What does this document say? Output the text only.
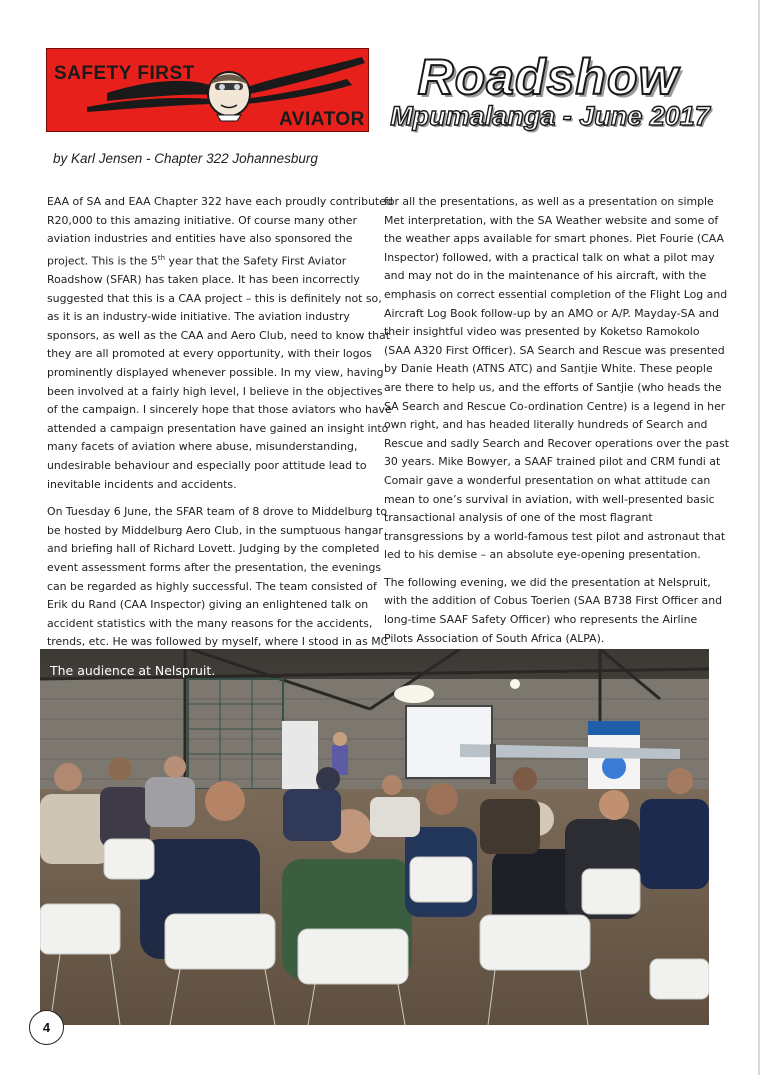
SAFETY FIRST
AVIATOR
Roadshow
Mpumalanga - June 2017
by Karl Jensen - Chapter 322 Johannesburg

EAA of SA and EAA Chapter 322 have each proudly contributed
R20,000 to this amazing initiative. Of course many other
aviation industries and entities have also sponsored the
project. This is the 5th year that the Safety First Aviator
Roadshow (SFAR) has taken place. It has been incorrectly
suggested that this is a CAA project – this is definitely not so,
as it is an industry-wide initiative. The aviation industry
sponsors, as well as the CAA and Aero Club, need to know that
they are all promoted at every opportunity, with their logos
prominently displayed whenever possible. In my view, having
been involved at a fairly high level, I believe in the objectives
of the campaign. I sincerely hope that those aviators who have
attended a campaign presentation have gained an insight into
many facets of aviation where abuse, misunderstanding,
undesirable behaviour and especially poor attitude lead to
inevitable incidents and accidents.

On Tuesday 6 June, the SFAR team of 8 drove to Middelburg to
be hosted by Middelburg Aero Club, in the sumptuous hangar
and briefing hall of Richard Lovett. Judging by the completed
event assessment forms after the presentation, the evenings
can be regarded as highly successful. The team consisted of
Erik du Rand (CAA Inspector) giving an enlightened talk on
accident statistics with the many reasons for the accidents,
trends, etc. He was followed by myself, where I stood in as MC

for all the presentations, as well as a presentation on simple
Met interpretation, with the SA Weather website and some of
the weather apps available for smart phones. Piet Fourie (CAA
Inspector) followed, with a practical talk on what a pilot may
and may not do in the maintenance of his aircraft, with the
emphasis on correct essential completion of the Flight Log and
Aircraft Log Book follow-up by an AMO or A/P. Mayday-SA and
their insightful video was presented by Koketso Ramokolo
(SAA A320 First Officer). SA Search and Rescue was presented
by Danie Heath (ATNS ATC) and Santjie White. These people
are there to help us, and the efforts of Santjie (who heads the
SA Search and Rescue Co-ordination Centre) is a legend in her
own right, and has headed literally hundreds of Search and
Rescue and sadly Search and Recover operations over the past
30 years. Mike Bowyer, a SAAF trained pilot and CRM fundi at
Comair gave a wonderful presentation on what attitude can
mean to one’s survival in aviation, with well-presented basic
transactional analysis of one of the most flagrant
transgressions by a world-famous test pilot and astronaut that
led to his demise – an absolute eye-opening presentation.

The following evening, we did the presentation at Nelspruit,
with the addition of Cobus Toerien (SAA B738 First Officer and
long-time SAAF Safety Officer) who represents the Airline
Pilots Association of South Africa (ALPA).

The audience at Nelspruit.
4
